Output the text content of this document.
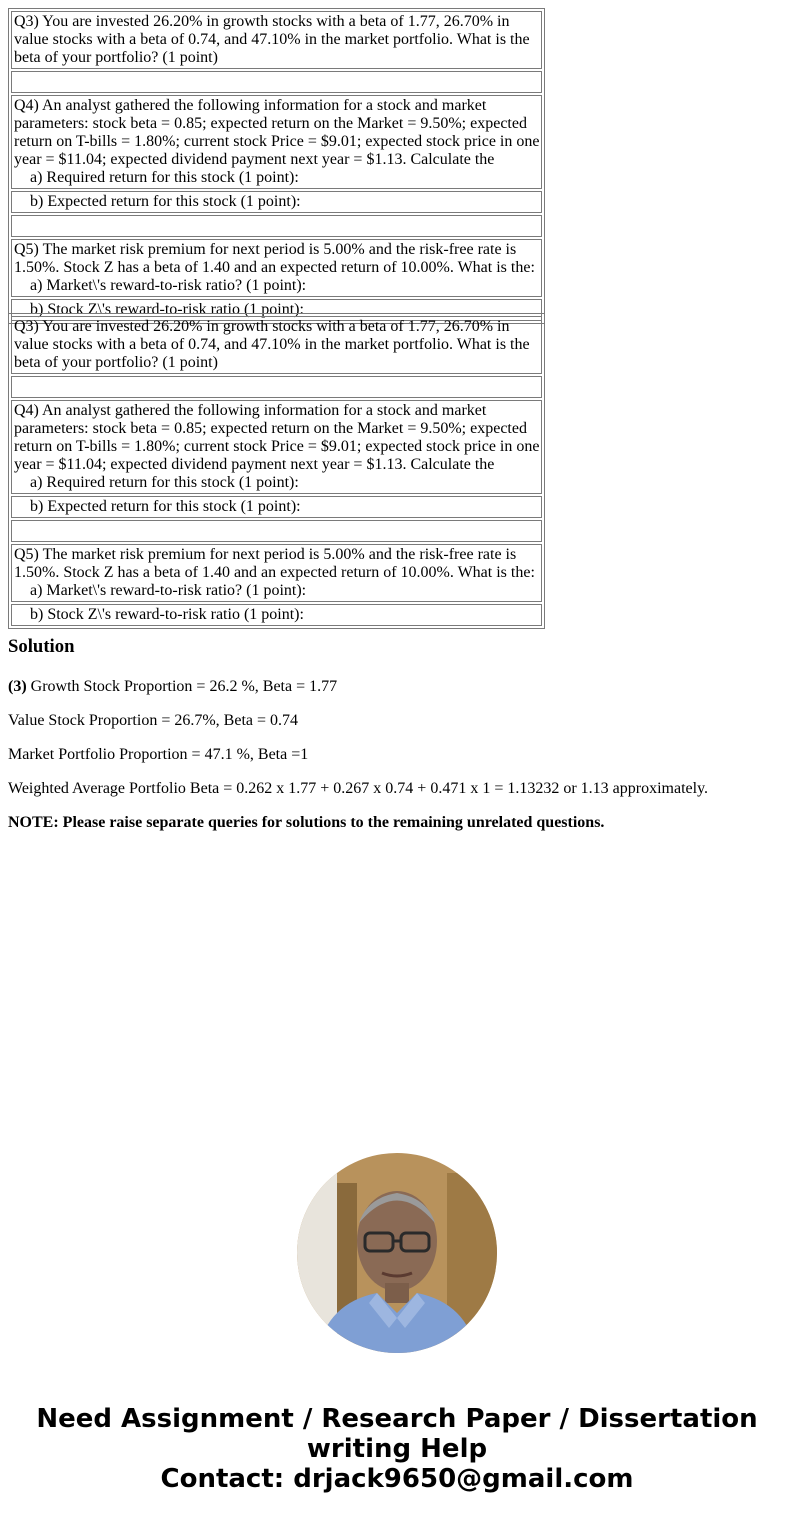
Q3) You are invested 26.20% in growth stocks with a beta of 1.77, 26.70% in value stocks with a beta of 0.74, and 47.10% in the market portfolio. What is the beta of your portfolio? (1 point)

Q4) An analyst gathered the following information for a stock and market parameters: stock beta = 0.85; expected return on the Market = 9.50%; expected return on T-bills = 1.80%; current stock Price = $9.01; expected stock price in one year = $11.04; expected dividend payment next year = $1.13. Calculate the
a) Required return for this stock (1 point):

b) Expected return for this stock (1 point):

Q5) The market risk premium for next period is 5.00% and the risk-free rate is 1.50%. Stock Z has a beta of 1.40 and an expected return of 10.00%. What is the:
a) Market\'s reward-to-risk ratio? (1 point):

b) Stock Z\'s reward-to-risk ratio (1 point):
Q3) You are invested 26.20% in growth stocks with a beta of 1.77, 26.70% in value stocks with a beta of 0.74, and 47.10% in the market portfolio. What is the beta of your portfolio? (1 point)

Q4) An analyst gathered the following information for a stock and market parameters: stock beta = 0.85; expected return on the Market = 9.50%; expected return on T-bills = 1.80%; current stock Price = $9.01; expected stock price in one year = $11.04; expected dividend payment next year = $1.13. Calculate the
a) Required return for this stock (1 point):

b) Expected return for this stock (1 point):

Q5) The market risk premium for next period is 5.00% and the risk-free rate is 1.50%. Stock Z has a beta of 1.40 and an expected return of 10.00%. What is the:
a) Market\'s reward-to-risk ratio? (1 point):

b) Stock Z\'s reward-to-risk ratio (1 point):
Solution

(3) Growth Stock Proportion = 26.2 %, Beta = 1.77

Value Stock Proportion = 26.7%, Beta = 0.74

Market Portfolio Proportion = 47.1 %, Beta =1

Weighted Average Portfolio Beta = 0.262 x 1.77 + 0.267 x 0.74 + 0.471 x 1 = 1.13232 or 1.13 approximately.

NOTE: Please raise separate queries for solutions to the remaining unrelated questions.

Need Assignment / Research Paper / Dissertation writing Help
Contact: drjack9650@gmail.com
